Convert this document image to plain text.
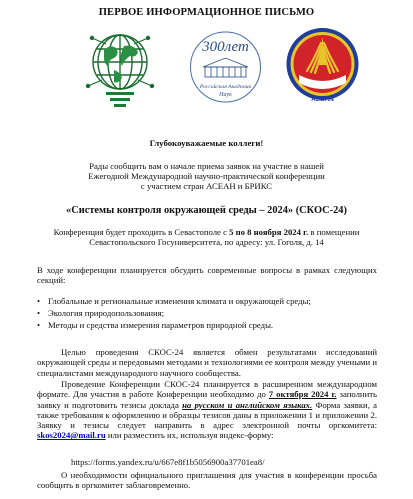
ПЕРВОЕ ИНФОРМАЦИОННОЕ ПИСЬМО
300лет
Российская Академия
Наук
ASEAN
Глубокоуважаемые коллеги!
Рады сообщить вам о начале приема заявок на участие в нашей
Ежегодной Международной научно-практической конференции
с участием стран АСЕАН и БРИКС
«Системы контроля окружающей среды – 2024» (СКОС-24)
Конференция будет проходить в Севастополе с 5 по 8 ноября 2024 г. в помещении Севастопольского Госуниверситета, по адресу: ул. Гоголя, д. 14
В ходе конференции планируется обсудить современные вопросы в рамках следующих секций:
• Глобальные и региональные изменения климата и окружающей среды;
• Экология природопользования;
• Методы и средства измерения параметров природной среды.
Целью проведения СКОС-24 является обмен результатами исследований окружающей среды и передовыми методами и технологиями ее контроля между учеными и специалистами международного научного сообщества.
Проведение Конференции СКОС-24 планируется в расширенном международном формате. Для участия в работе Конференции необходимо до 7 октября 2024 г. заполнить заявку и подготовить тезисы доклада на русском и английском языках. Форма заявки, а также требования к оформлению и образцы тезисов даны в приложении 1 и приложении 2. Заявку и тезисы следует направить в адрес электронной почты оргкомитета: skos2024@mail.ru или разместить их, используя яндекс-форму:
https://forms.yandex.ru/u/667e8f1b5056900a37701ea8/
О необходимости официального приглашения для участия в конференции просьба сообщить в оргкомитет заблаговременно.
